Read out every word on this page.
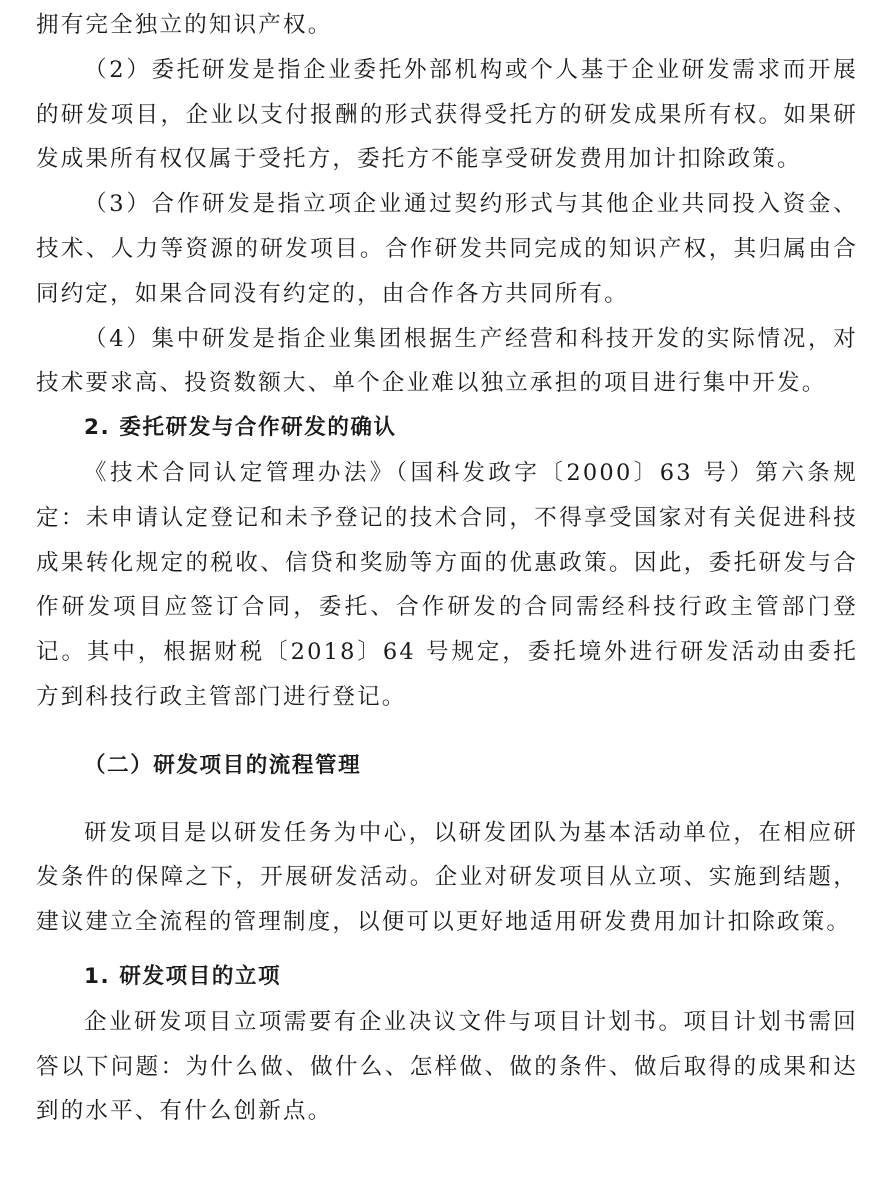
拥有完全独立的知识产权。

（2）委托研发是指企业委托外部机构或个人基于企业研发需求而开展的研发项目，企业以支付报酬的形式获得受托方的研发成果所有权。如果研发成果所有权仅属于受托方，委托方不能享受研发费用加计扣除政策。

（3）合作研发是指立项企业通过契约形式与其他企业共同投入资金、技术、人力等资源的研发项目。合作研发共同完成的知识产权，其归属由合同约定，如果合同没有约定的，由合作各方共同所有。

（4）集中研发是指企业集团根据生产经营和科技开发的实际情况，对技术要求高、投资数额大、单个企业难以独立承担的项目进行集中开发。

2. 委托研发与合作研发的确认

《技术合同认定管理办法》（国科发政字〔2000〕63 号）第六条规定：未申请认定登记和未予登记的技术合同，不得享受国家对有关促进科技成果转化规定的税收、信贷和奖励等方面的优惠政策。因此，委托研发与合作研发项目应签订合同，委托、合作研发的合同需经科技行政主管部门登记。其中，根据财税〔2018〕64 号规定，委托境外进行研发活动由委托方到科技行政主管部门进行登记。

（二）研发项目的流程管理

研发项目是以研发任务为中心，以研发团队为基本活动单位，在相应研发条件的保障之下，开展研发活动。企业对研发项目从立项、实施到结题，建议建立全流程的管理制度，以便可以更好地适用研发费用加计扣除政策。

1. 研发项目的立项

企业研发项目立项需要有企业决议文件与项目计划书。项目计划书需回答以下问题：为什么做、做什么、怎样做、做的条件、做后取得的成果和达到的水平、有什么创新点。
